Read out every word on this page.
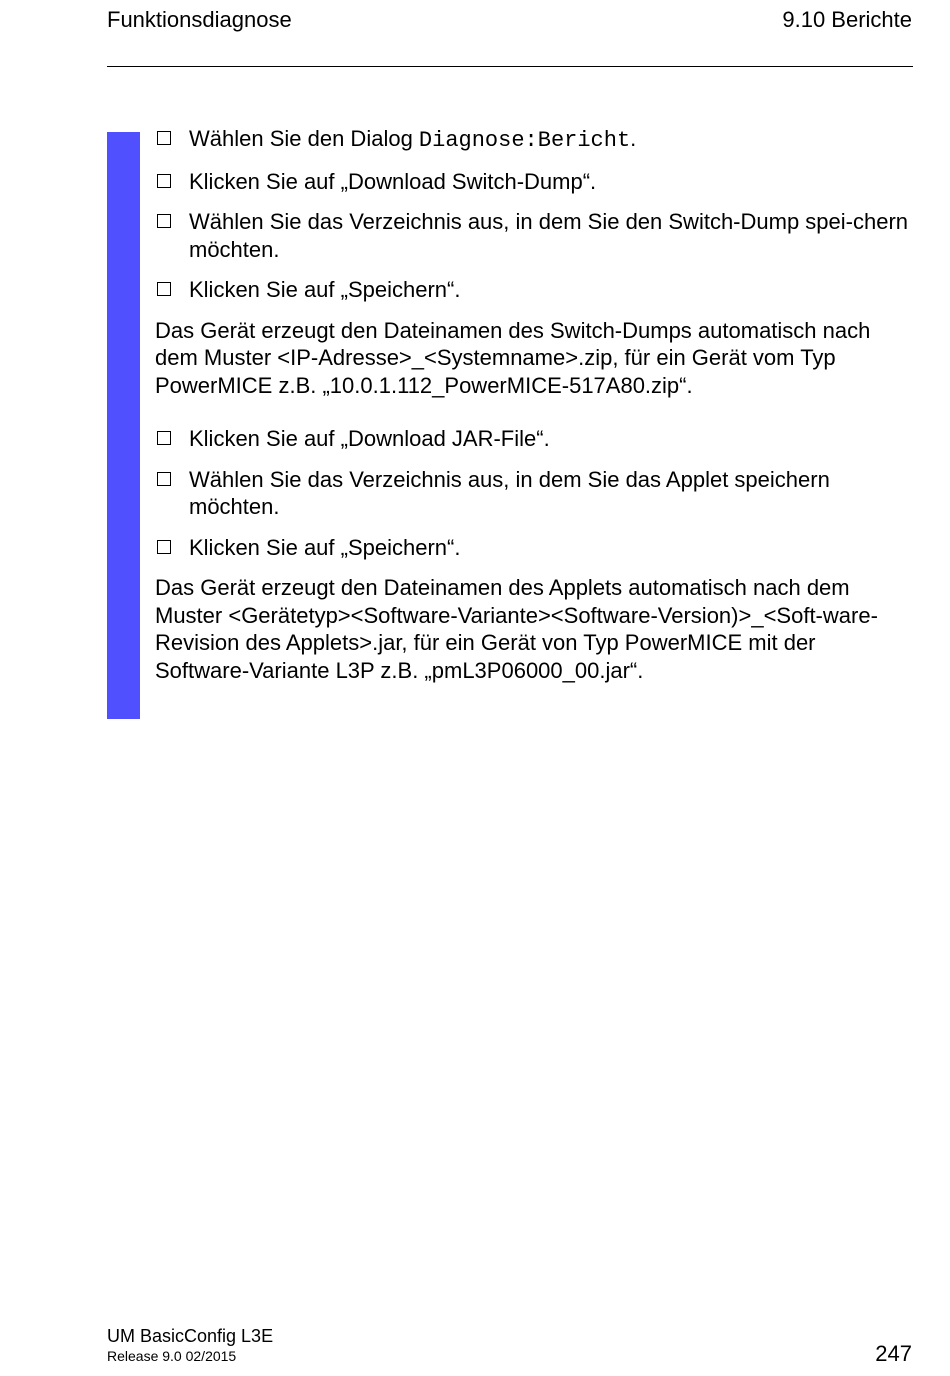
Funktionsdiagnose	9.10 Berichte
Wählen Sie den Dialog Diagnose:Bericht.
Klicken Sie auf „Download Switch-Dump“.
Wählen Sie das Verzeichnis aus, in dem Sie den Switch-Dump spei-chern möchten.
Klicken Sie auf „Speichern“.
Das Gerät erzeugt den Dateinamen des Switch-Dumps automatisch nach dem Muster <IP-Adresse>_<Systemname>.zip, für ein Gerät vom Typ PowerMICE z.B. „10.0.1.112_PowerMICE-517A80.zip“.
Klicken Sie auf „Download JAR-File“.
Wählen Sie das Verzeichnis aus, in dem Sie das Applet speichern möchten.
Klicken Sie auf „Speichern“.
Das Gerät erzeugt den Dateinamen des Applets automatisch nach dem Muster <Gerätetyp><Software-Variante><Software-Version)>_<Soft-ware-Revision des Applets>.jar, für ein Gerät von Typ PowerMICE mit der Software-Variante L3P z.B. „pmL3P06000_00.jar“.
UM BasicConfig L3E
Release 9.0 02/2015	247
